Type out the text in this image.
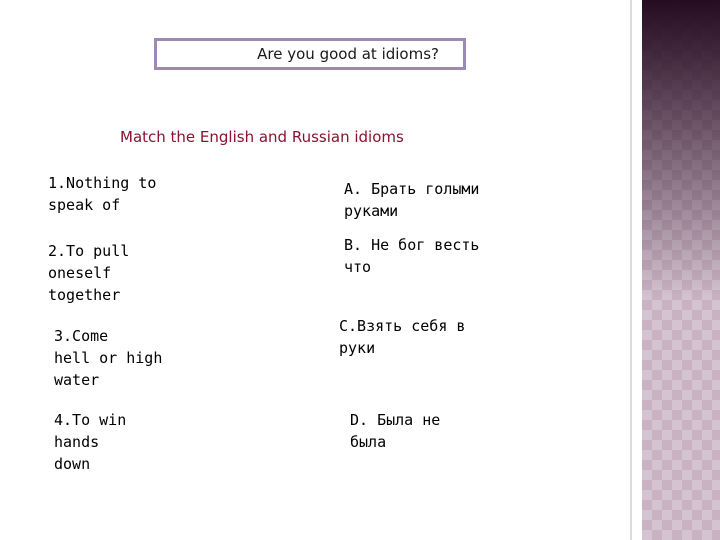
Are you good at idioms?
Match the English and Russian idioms
1.Nothing to
speak of
2.To pull
oneself
together
3.Come
hell or high
water
4.To win
hands
down
A. Брать голыми
руками
B. Не бог весть
что
C.Взять себя в
руки
D. Была не
была
